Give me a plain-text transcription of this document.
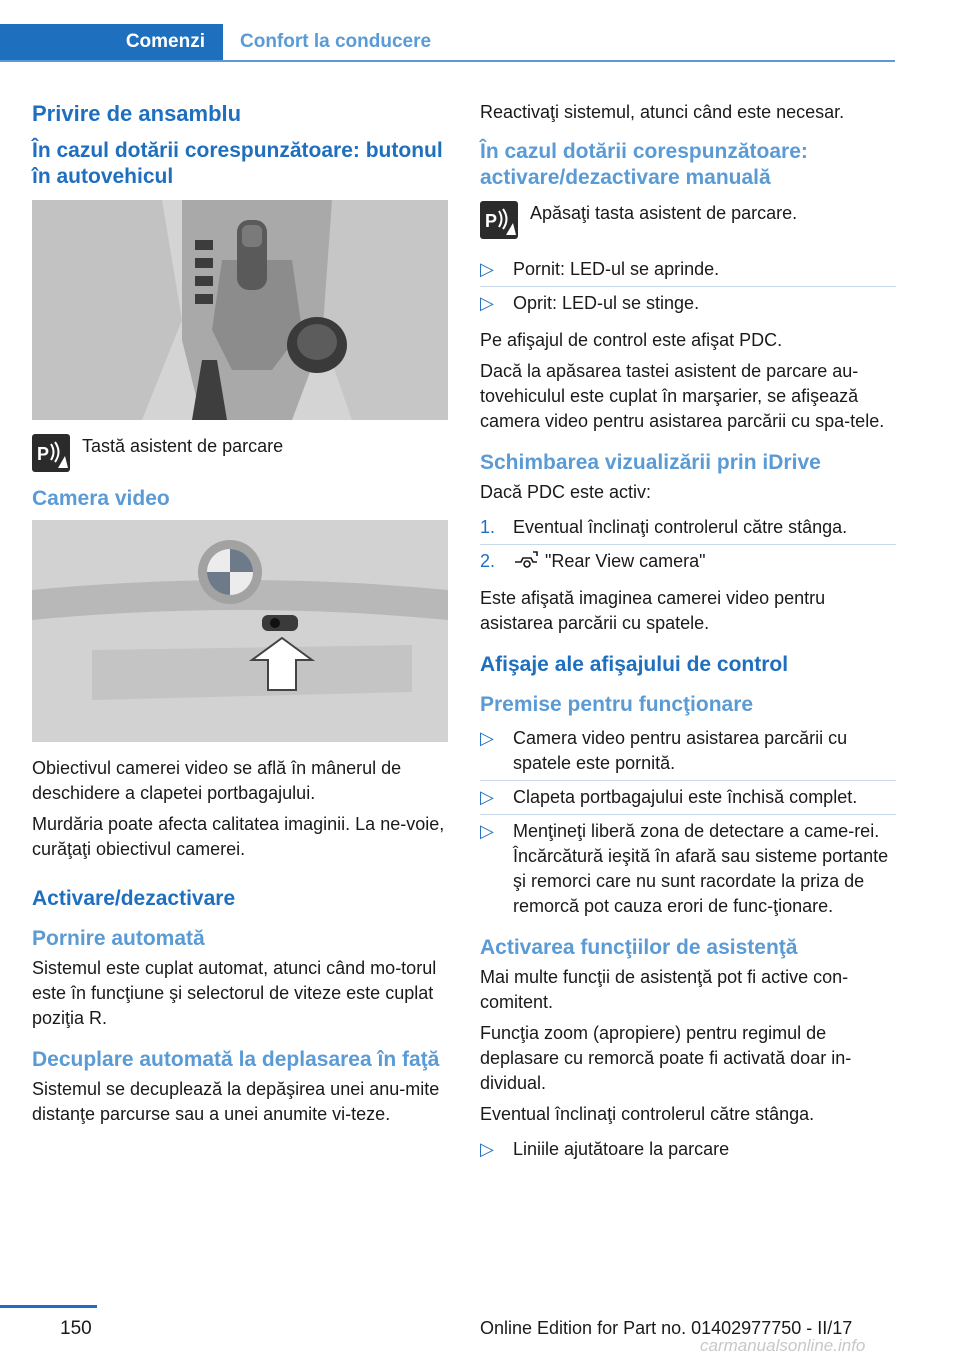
Comenzi	Confort la conducere
Privire de ansamblu
În cazul dotării corespunzătoare: butonul în autovehicul
P Tastă asistent de parcare
Camera video

Obiectivul camerei video se află în mânerul de deschidere a clapetei portbagajului.

Murdăria poate afecta calitatea imaginii. La ne-voie, curăţaţi obiectivul camerei.

Activare/dezactivare
Pornire automată

Sistemul este cuplat automat, atunci când mo-torul este în funcţiune şi selectorul de viteze este cuplat poziţia R.

Decuplare automată la deplasarea în faţă

Sistemul se decuplează la depăşirea unei anu-mite distanţe parcurse sau a unei anumite vi-teze.

Reactivaţi sistemul, atunci când este necesar.

În cazul dotării corespunzătoare: activare/dezactivare manuală
P Apăsaţi tasta asistent de parcare.
▷ Pornit: LED-ul se aprinde.
▷ Oprit: LED-ul se stinge.

Pe afişajul de control este afişat PDC.

Dacă la apăsarea tastei asistent de parcare au-tovehiculul este cuplat în marşarier, se afişează camera video pentru asistarea parcării cu spa-tele.

Schimbarea vizualizării prin iDrive

Dacă PDC este activ:

1. Eventual înclinaţi controlerul către stânga.
2.	"Rear View camera"

Este afişată imaginea camerei video pentru asistarea parcării cu spatele.

Afişaje ale afişajului de control
Premise pentru funcţionare
▷ Camera video pentru asistarea parcării cu spatele este pornită.
▷ Clapeta portbagajului este închisă complet.
▷ Menţineţi liberă zona de detectare a came-rei. Încărcătură ieşită în afară sau sisteme portante şi remorci care nu sunt racordate la priza de remorcă pot cauza erori de func-ţionare.
Activarea funcţiilor de asistenţă

Mai multe funcţii de asistenţă pot fi active con-comitent.

Funcţia zoom (apropiere) pentru regimul de deplasare cu remorcă poate fi activată doar in-dividual.

Eventual înclinaţi controlerul către stânga.

▷ Liniile ajutătoare la parcare
150	Online Edition for Part no. 01402977750 - II/17
carmanualsonline.info
